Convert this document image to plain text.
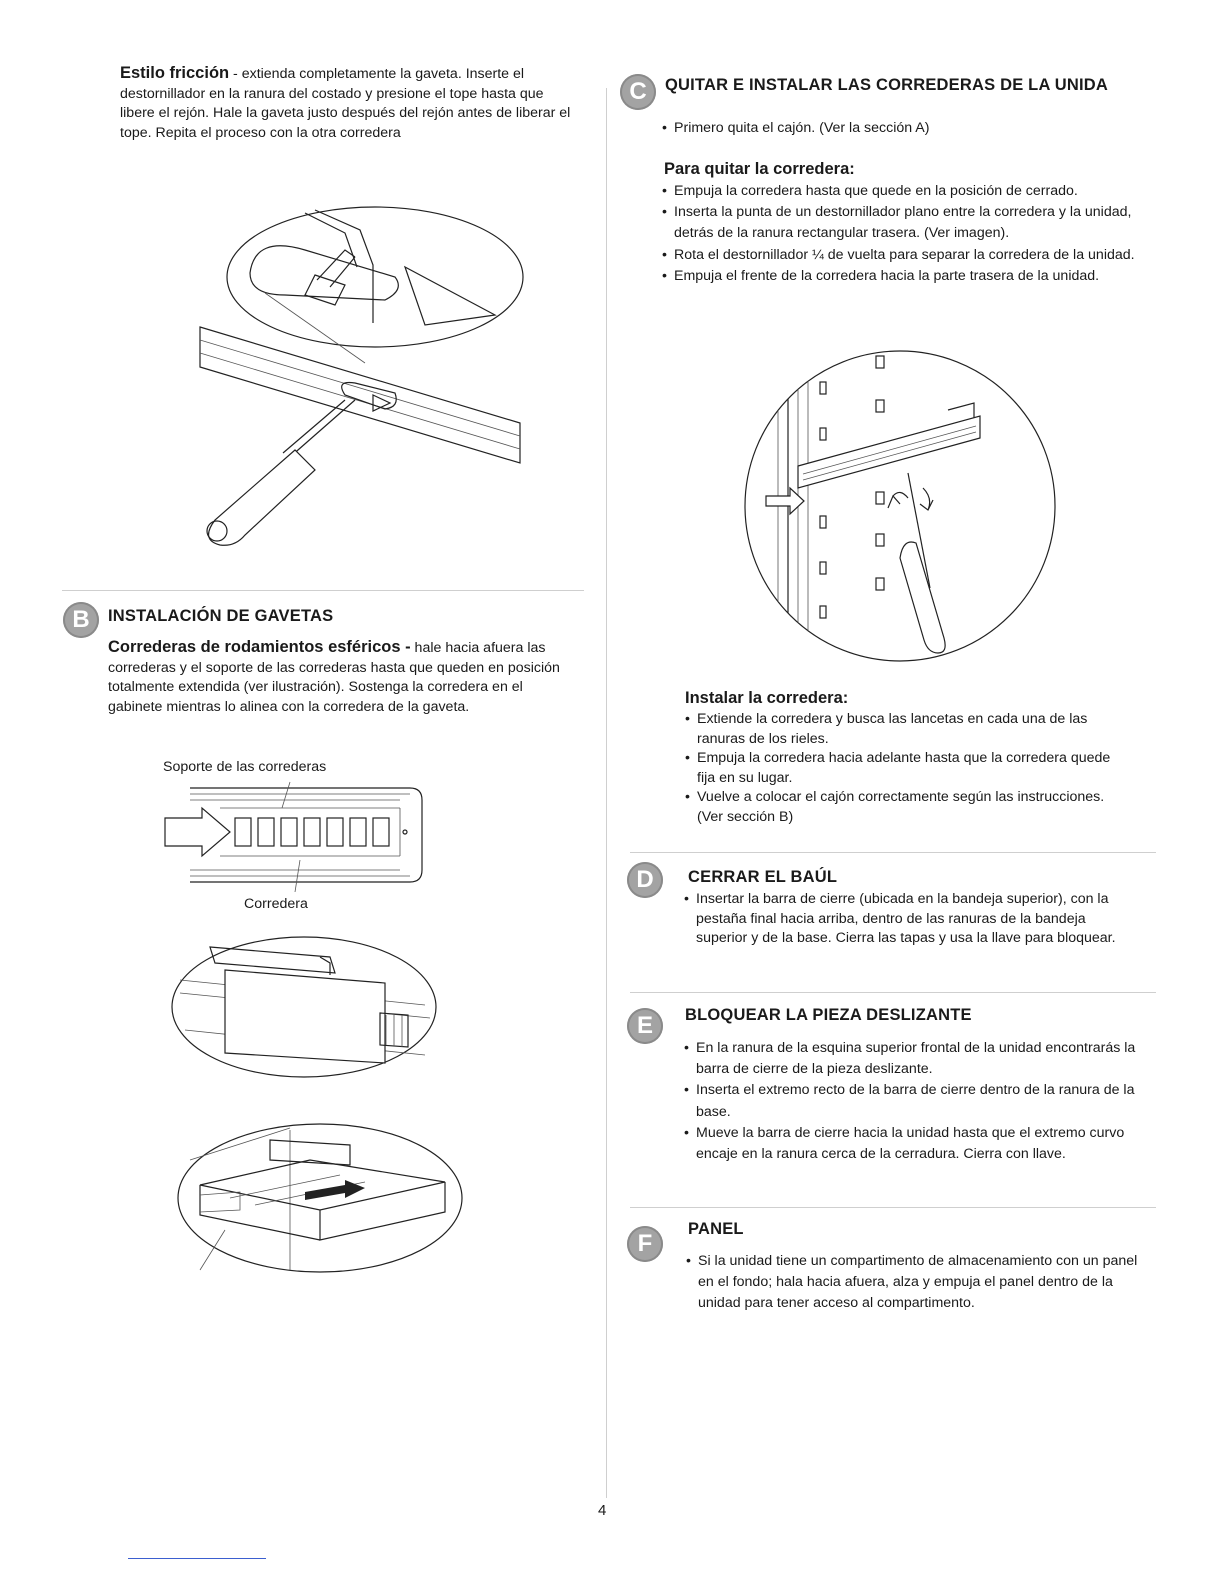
Estilo fricción - extienda completamente la gaveta. Inserte el destornillador en la ranura del costado y presione el tope hasta que libere el rejón. Hale la gaveta justo después del rejón antes de liberar el tope. Repita el proceso con la otra corredera

B	INSTALACIÓN DE GAVETAS

Correderas de rodamientos esféricos - hale hacia afuera las correderas y el soporte de las correderas hasta que queden en posición totalmente extendida (ver ilustración). Sostenga la corredera en el gabinete mientras lo alinea con la corredera de la gaveta.

Soporte de las correderas
Corredera
C	QUITAR E INSTALAR LAS CORREDERAS DE LA UNIDA

• Primero quita el cajón. (Ver la sección A)

Para quitar la corredera:

• Empuja la corredera hasta que quede en la posición de cerrado.
• Inserta la punta de un destornillador plano entre la corredera y la unidad, detrás de la ranura rectangular trasera. (Ver imagen).
• Rota el destornillador ¼ de vuelta para separar la corredera de la unidad.
• Empuja el frente de la corredera hacia la parte trasera de la unidad.

Instalar la corredera:

• Extiende la corredera y busca las lancetas en cada una de las ranuras de los rieles.
• Empuja la corredera hacia adelante hasta que la corredera quede fija en su lugar.
• Vuelve a colocar el cajón correctamente según las instrucciones. (Ver sección B)
D	CERRAR EL BAÚL

• Insertar la barra de cierre (ubicada en la bandeja superior), con la pestaña final hacia arriba, dentro de las ranuras de la bandeja superior y de la base. Cierra las tapas y usa la llave para bloquear.
E	BLOQUEAR LA PIEZA DESLIZANTE

• En la ranura de la esquina superior frontal de la unidad encontrarás la barra de cierre de la pieza deslizante.
• Inserta el extremo recto de la barra de cierre dentro de la ranura de la base.
• Mueve la barra de cierre hacia la unidad hasta que el extremo curvo encaje en la ranura cerca de la cerradura. Cierra con llave.
F

PANEL

• Si la unidad tiene un compartimento de almacenamiento con un panel en el fondo; hala hacia afuera, alza y empuja el panel dentro de la unidad para tener acceso al compartimento.
4
